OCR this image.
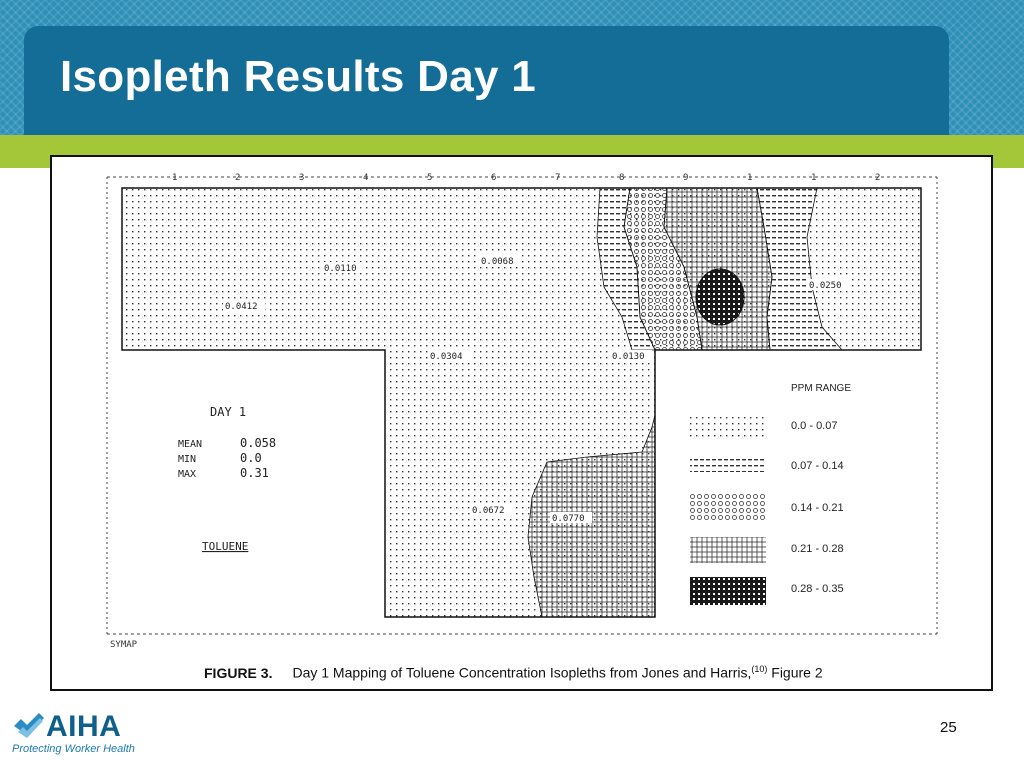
Isopleth Results Day 1
1	2	3	4	5	6	7	8	9	1	1	2
SYMAP
0.0110
0.0412
0.0068
0.0250
0.0304	0.0130
0.0672
0.0770
DAY 1
MEAN	0.058
MIN	0.0
MAX	0.31
TOLUENE
PPM RANGE
0.0 - 0.07
0.07 - 0.14
0.14 - 0.21
0.21 - 0.28
0.28 - 0.35
FIGURE 3. Day 1 Mapping of Toluene Concentration Isopleths from Jones and Harris,$^{(10)}$ Figure 2
AIHA
Protecting Worker Health
25
